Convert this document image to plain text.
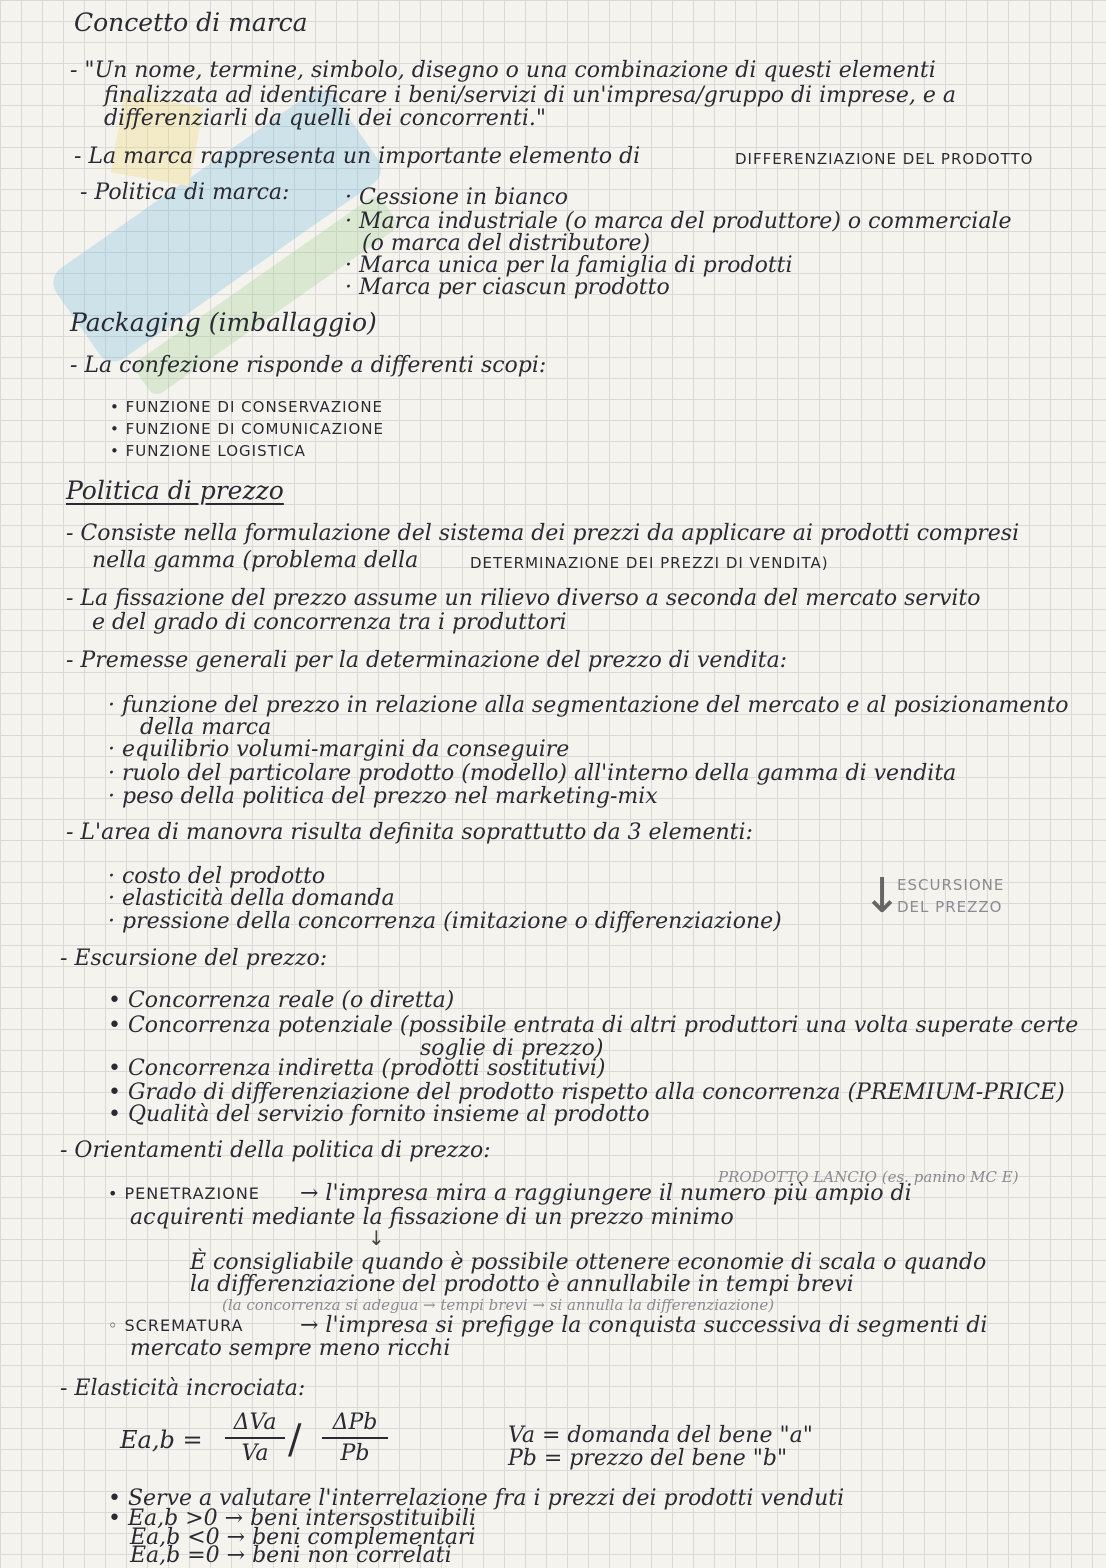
Concetto di marca
- "Un nome, termine, simbolo, disegno o una combinazione di questi elementi
finalizzata ad identificare i beni/servizi di un'impresa/gruppo di imprese, e a
differenziarli da quelli dei concorrenti."
- La marca rappresenta un importante elemento di	DIFFERENZIAZIONE DEL PRODOTTO
- Politica di marca:	· Cessione in bianco
· Marca industriale (o marca del produttore) o commerciale
(o marca del distributore)
· Marca unica per la famiglia di prodotti
· Marca per ciascun prodotto
Packaging (imballaggio)
- La confezione risponde a differenti scopi:
• FUNZIONE DI CONSERVAZIONE
• FUNZIONE DI COMUNICAZIONE
• FUNZIONE LOGISTICA
Politica di prezzo
- Consiste nella formulazione del sistema dei prezzi da applicare ai prodotti compresi
nella gamma (problema della	DETERMINAZIONE DEI PREZZI DI VENDITA)
- La fissazione del prezzo assume un rilievo diverso a seconda del mercato servito
e del grado di concorrenza tra i produttori
- Premesse generali per la determinazione del prezzo di vendita:
· funzione del prezzo in relazione alla segmentazione del mercato e al posizionamento
della marca
· equilibrio volumi-margini da conseguire
· ruolo del particolare prodotto (modello) all'interno della gamma di vendita
· peso della politica del prezzo nel marketing-mix
- L'area di manovra risulta definita soprattutto da 3 elementi:
· costo del prodotto
· elasticità della domanda
· pressione della concorrenza (imitazione o differenziazione) ↓
ESCURSIONE
DEL PREZZO
- Escursione del prezzo:
• Concorrenza reale (o diretta)
• Concorrenza potenziale (possibile entrata di altri produttori una volta superate certe
soglie di prezzo)
• Concorrenza indiretta (prodotti sostitutivi)
• Grado di differenziazione del prodotto rispetto alla concorrenza (PREMIUM-PRICE)
• Qualità del servizio fornito insieme al prodotto
- Orientamenti della politica di prezzo:
PRODOTTO LANCIO (es. panino MC E)
• PENETRAZIONE → l'impresa mira a raggiungere il numero più ampio di
acquirenti mediante la fissazione di un prezzo minimo
↓
È consigliabile quando è possibile ottenere economie di scala o quando
la differenziazione del prodotto è annullabile in tempi brevi
(la concorrenza si adegua → tempi brevi → si annulla la differenziazione)
◦ SCREMATURA	→ l'impresa si prefigge la conquista successiva di segmenti di
mercato sempre meno ricchi
- Elasticità incrociata:
Ea,b =
ΔVa
Va /	ΔPb
Pb
Va = domanda del bene "a"
Pb = prezzo del bene "b"
• Serve a valutare l'interrelazione fra i prezzi dei prodotti venduti
• Ea,b >0 → beni intersostituibili
Ea,b <0 → beni complementari
Ea,b =0 → beni non correlati
